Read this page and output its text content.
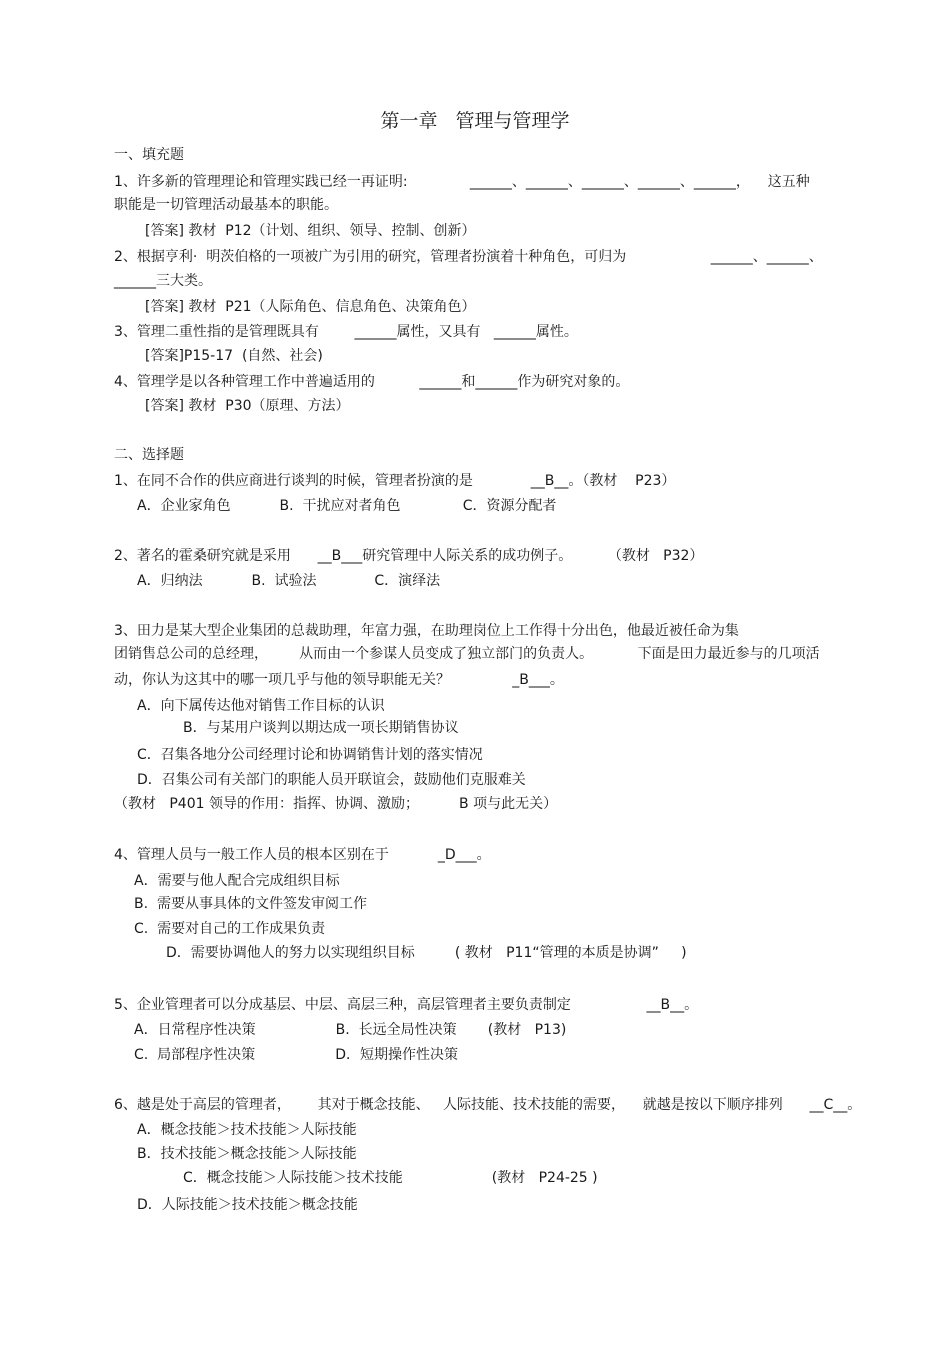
第一章   管理与管理学
一、填充题
1、许多新的管理理论和管理实践已经一再证明:              ______、______、______、______、______，    这五种
职能是一切管理活动最基本的职能。
[答案] 教材  P12（计划、组织、领导、控制、创新）
2、根据亨利·  明茨伯格的一项被广为引用的研究，管理者扮演着十种角色，可归为                   ______、______、
______三大类。
[答案] 教材  P21（人际角色、信息角色、决策角色）
3、管理二重性指的是管理既具有        ______属性，又具有   ______属性。
[答案]P15-17  (自然、社会)
4、管理学是以各种管理工作中普遍适用的          ______和______作为研究对象的。
[答案] 教材  P30（原理、方法）
二、选择题
1、在同不合作的供应商进行谈判的时候，管理者扮演的是             __B__。（教材    P23）
A．企业家角色           B.  干扰应对者角色              C．资源分配者
2、著名的霍桑研究就是采用      __B___研究管理中人际关系的成功例子。        （教材   P32）
A．归纳法           B.  试验法             C．演绎法
3、田力是某大型企业集团的总裁助理，年富力强，在助理岗位上工作得十分出色，他最近被任命为集
团销售总公司的总经理，       从而由一个参谋人员变成了独立部门的负责人。          下面是田力最近参与的几项活
动，你认为这其中的哪一项几乎与他的领导职能无关？              _B___。
A．向下属传达他对销售工作目标的认识
B．与某用户谈判以期达成一项长期销售协议
C．召集各地分公司经理讨论和协调销售计划的落实情况
D．召集公司有关部门的职能人员开联谊会，鼓励他们克服难关
（教材   P401 领导的作用：指挥、协调、激励；         B 项与此无关）
4、管理人员与一般工作人员的根本区别在于           _D___。
A．需要与他人配合完成组织目标
B.  需要从事具体的文件签发审阅工作
C.  需要对自己的工作成果负责
D．需要协调他人的努力以实现组织目标         ( 教材   P11“管理的本质是协调”     )
5、企业管理者可以分成基层、中层、高层三种，高层管理者主要负责制定                 __B__。
A．日常程序性决策                  B.  长远全局性决策       (教材   P13)
C.  局部程序性决策                  D．短期操作性决策
6、越是处于高层的管理者，      其对于概念技能、   人际技能、技术技能的需要，    就越是按以下顺序排列      __C__。
A．概念技能＞技术技能＞人际技能
B．技术技能＞概念技能＞人际技能
C．概念技能＞人际技能＞技术技能                    (教材   P24-25 )
D．人际技能＞技术技能＞概念技能
